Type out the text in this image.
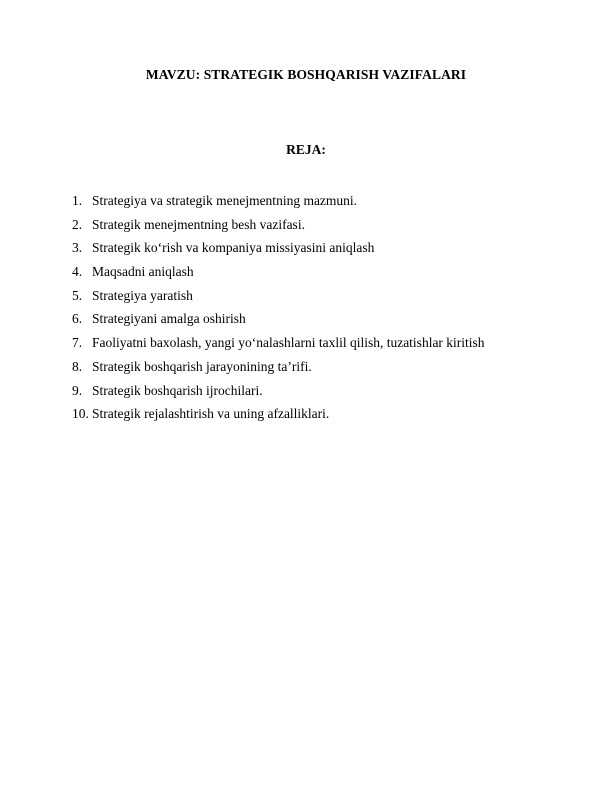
MAVZU: STRATEGIK BOSHQARISH VAZIFALARI
REJA:
1. Strategiya va strategik menejmentning mazmuni.
2. Strategik menejmentning besh vazifasi.
3. Strategik ko‘rish va kompaniya missiyasini aniqlash
4. Maqsadni aniqlash
5. Strategiya yaratish
6. Strategiyani amalga oshirish
7. Faoliyatni baxolash, yangi yo‘nalashlarni taxlil qilish, tuzatishlar kiritish
8. Strategik boshqarish jarayonining ta’rifi.
9. Strategik boshqarish ijrochilari.
10. Strategik rejalashtirish va uning afzalliklari.
